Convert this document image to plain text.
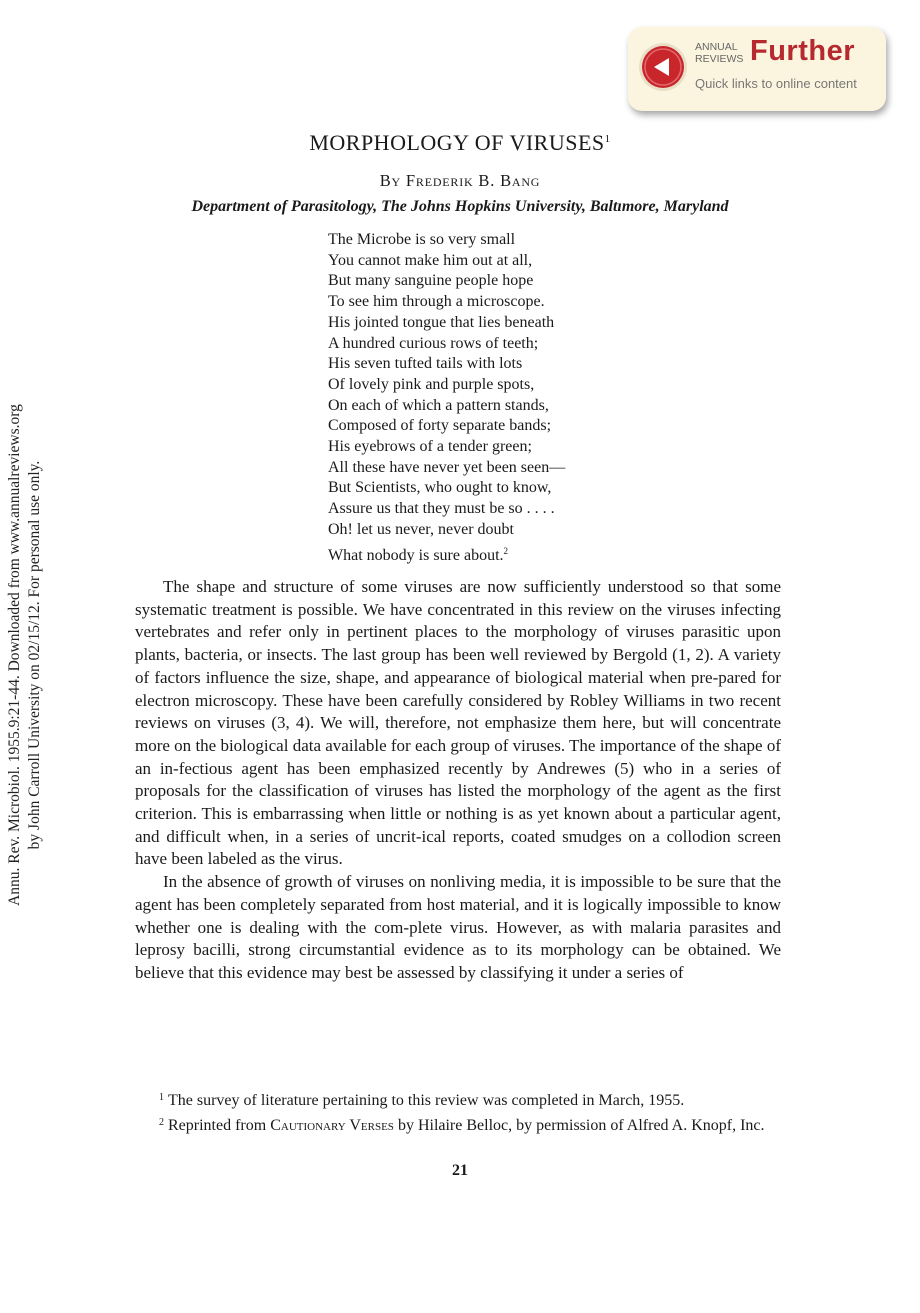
Annu. Rev. Microbiol. 1955.9:21-44. Downloaded from www.annualreviews.org by John Carroll University on 02/15/12. For personal use only.
ANNUAL
REVIEWS Further
Quick links to online content
MORPHOLOGY OF VIRUSES$^1$
By Frederik B. Bang
Department of Parasitology, The Johns Hopkins University, Baltımore, Maryland
The Microbe is so very small
You cannot make him out at all,
But many sanguine people hope
To see him through a microscope.
His jointed tongue that lies beneath
A hundred curious rows of teeth;
His seven tufted tails with lots
Of lovely pink and purple spots,
On each of which a pattern stands,
Composed of forty separate bands;
His eyebrows of a tender green;
All these have never yet been seen—
But Scientists, who ought to know,
Assure us that they must be so . . . .
Oh! let us never, never doubt
What nobody is sure about.$^2$

The shape and structure of some viruses are now sufficiently understood so that some systematic treatment is possible. We have concentrated in this review on the viruses infecting vertebrates and refer only in pertinent places to the morphology of viruses parasitic upon plants, bacteria, or insects. The last group has been well reviewed by Bergold (1, 2). A variety of factors influence the size, shape, and appearance of biological material when pre-pared for electron microscopy. These have been carefully considered by Robley Williams in two recent reviews on viruses (3, 4). We will, therefore, not emphasize them here, but will concentrate more on the biological data available for each group of viruses. The importance of the shape of an in-fectious agent has been emphasized recently by Andrewes (5) who in a series of proposals for the classification of viruses has listed the morphology of the agent as the first criterion. This is embarrassing when little or nothing is as yet known about a particular agent, and difficult when, in a series of uncrit-ical reports, coated smudges on a collodion screen have been labeled as the virus.

In the absence of growth of viruses on nonliving media, it is impossible to be sure that the agent has been completely separated from host material, and it is logically impossible to know whether one is dealing with the com-plete virus. However, as with malaria parasites and leprosy bacilli, strong circumstantial evidence as to its morphology can be obtained. We believe that this evidence may best be assessed by classifying it under a series of

$^1$ The survey of literature pertaining to this review was completed in March, 1955.

$^2$ Reprinted from Cautionary Verses by Hilaire Belloc, by permission of Alfred A. Knopf, Inc.

21
